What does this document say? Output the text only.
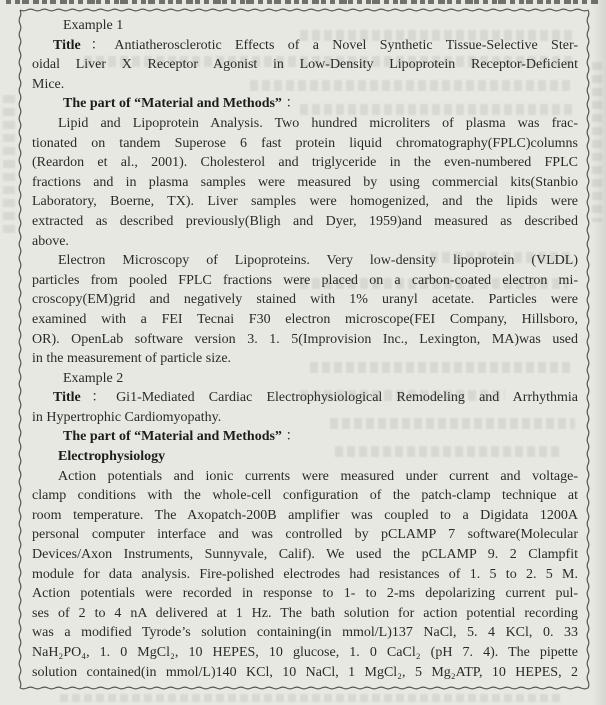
Example 1
Title：Antiatherosclerotic Effects of a Novel Synthetic Tissue-Selective Ster-
oidal Liver X Receptor Agonist in Low-Density Lipoprotein Receptor-Deficient
Mice.
The part of “Material and Methods” ：
Lipid and Lipoprotein Analysis. Two hundred microliters of plasma was frac-
tionated on tandem Superose 6 fast protein liquid chromatography(FPLC)columns
(Reardon et al., 2001). Cholesterol and triglyceride in the even-numbered FPLC
fractions and in plasma samples were measured by using commercial kits(Stanbio
Laboratory, Boerne, TX). Liver samples were homogenized, and the lipids were
extracted as described previously(Bligh and Dyer, 1959)and measured as described
above.
Electron Microscopy of Lipoproteins. Very low-density lipoprotein (VLDL)
particles from pooled FPLC fractions were placed on a carbon-coated electron mi-
croscopy(EM)grid and negatively stained with 1% uranyl acetate. Particles were
examined with a FEI Tecnai F30 electron microscope(FEI Company, Hillsboro,
OR). OpenLab software version 3. 1. 5(Improvision Inc., Lexington, MA)was used
in the measurement of particle size.
Example 2
Title：Gi1-Mediated Cardiac Electrophysiological Remodeling and Arrhythmia
in Hypertrophic Cardiomyopathy.
The part of “Material and Methods” ：
Electrophysiology
Action potentials and ionic currents were measured under current and voltage-
clamp conditions with the whole-cell configuration of the patch-clamp technique at
room temperature. The Axopatch-200B amplifier was coupled to a Digidata 1200A
personal computer interface and was controlled by pCLAMP 7 software(Molecular
Devices/Axon Instruments, Sunnyvale, Calif). We used the pCLAMP 9. 2 Clampfit
module for data analysis. Fire-polished electrodes had resistances of 1. 5 to 2. 5 M.
Action potentials were recorded in response to 1- to 2-ms depolarizing current pul-
ses of 2 to 4 nA delivered at 1 Hz. The bath solution for action potential recording
was a modified Tyrode’s solution containing(in mmol/L)137 NaCl, 5. 4 KCl, 0. 33
NaH₂PO₄, 1. 0 MgCl₂, 10 HEPES, 10 glucose, 1. 0 CaCl₂ (pH 7. 4). The pipette
solution contained(in mmol/L)140 KCl, 10 NaCl, 1 MgCl₂, 5 Mg₂ATP, 10 HEPES, 2
